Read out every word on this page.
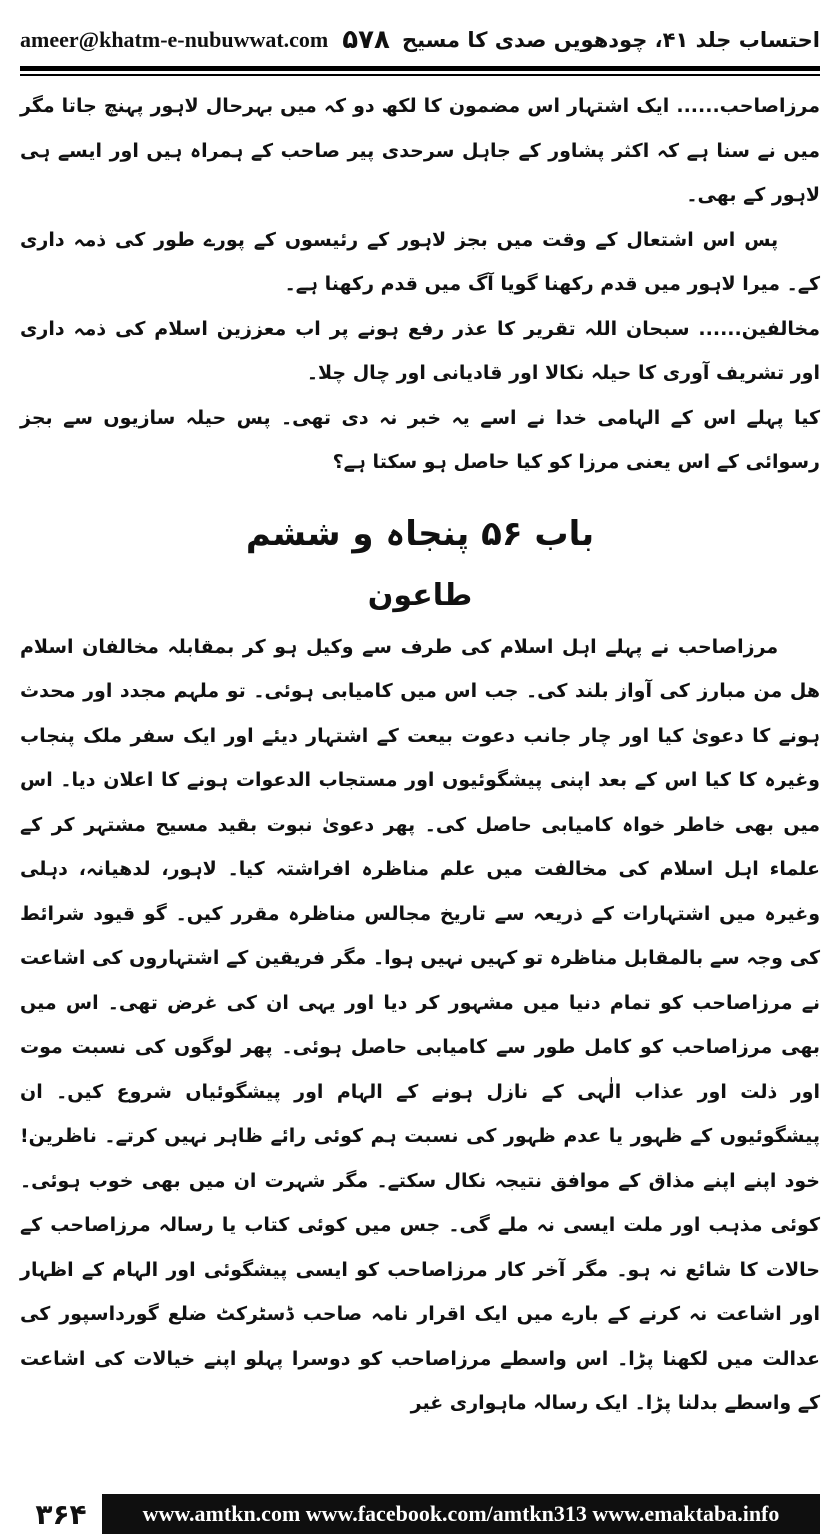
ameer@khatm-e-nubuwwat.com ۵۷۸ احتساب جلد ۴۱، چودھویں صدی کا مسیح

مرزاصاحب...... ایک اشتہار اس مضمون کا لکھ دو کہ میں بہرحال لاہور پہنچ جاتا مگر میں نے سنا ہے کہ اکثر پشاور کے جاہل سرحدی پیر صاحب کے ہمراہ ہیں اور ایسے ہی لاہور کے بھی۔

پس اس اشتعال کے وقت میں بجز لاہور کے رئیسوں کے پورے طور کی ذمہ داری کے۔ میرا لاہور میں قدم رکھنا گویا آگ میں قدم رکھنا ہے۔

مخالفین...... سبحان اللہ تقریر کا عذر رفع ہونے پر اب معززین اسلام کی ذمہ داری اور تشریف آوری کا حیلہ نکالا اور قادیانی اور چال چلا۔

کیا پہلے اس کے الہامی خدا نے اسے یہ خبر نہ دی تھی۔ پس حیلہ سازیوں سے بجز رسوائی کے اس یعنی مرزا کو کیا حاصل ہو سکتا ہے؟

باب ۵۶ پنجاہ و ششم

طاعون

مرزاصاحب نے پہلے اہل اسلام کی طرف سے وکیل ہو کر بمقابلہ مخالفان اسلام ھل من مبارز کی آواز بلند کی۔ جب اس میں کامیابی ہوئی۔ تو ملہم مجدد اور محدث ہونے کا دعویٰ کیا اور چار جانب دعوت بیعت کے اشتہار دیئے اور ایک سفر ملک پنجاب وغیرہ کا کیا اس کے بعد اپنی پیشگوئیوں اور مستجاب الدعوات ہونے کا اعلان دیا۔ اس میں بھی خاطر خواہ کامیابی حاصل کی۔ پھر دعویٰ نبوت بقید مسیح مشتہر کر کے علماء اہل اسلام کی مخالفت میں علم مناظرہ افراشتہ کیا۔ لاہور، لدھیانہ، دہلی وغیرہ میں اشتہارات کے ذریعہ سے تاریخ مجالس مناظرہ مقرر کیں۔ گو قیود شرائط کی وجہ سے بالمقابل مناظرہ تو کہیں نہیں ہوا۔ مگر فریقین کے اشتہاروں کی اشاعت نے مرزاصاحب کو تمام دنیا میں مشہور کر دیا اور یہی ان کی غرض تھی۔ اس میں بھی مرزاصاحب کو کامل طور سے کامیابی حاصل ہوئی۔ پھر لوگوں کی نسبت موت اور ذلت اور عذاب الٰہی کے نازل ہونے کے الہام اور پیشگوئیاں شروع کیں۔ ان پیشگوئیوں کے ظہور یا عدم ظہور کی نسبت ہم کوئی رائے ظاہر نہیں کرتے۔ ناظرین! خود اپنے اپنے مذاق کے موافق نتیجہ نکال سکتے۔ مگر شہرت ان میں بھی خوب ہوئی۔ کوئی مذہب اور ملت ایسی نہ ملے گی۔ جس میں کوئی کتاب یا رسالہ مرزاصاحب کے حالات کا شائع نہ ہو۔ مگر آخر کار مرزاصاحب کو ایسی پیشگوئی اور الہام کے اظہار اور اشاعت نہ کرنے کے بارے میں ایک اقرار نامہ صاحب ڈسٹرکٹ ضلع گورداسپور کی عدالت میں لکھنا پڑا۔ اس واسطے مرزاصاحب کو دوسرا پہلو اپنے خیالات کی اشاعت کے واسطے بدلنا پڑا۔ ایک رسالہ ماہواری غیر

۳۶۴	www.amtkn.com www.facebook.com/amtkn313 www.emaktaba.info
